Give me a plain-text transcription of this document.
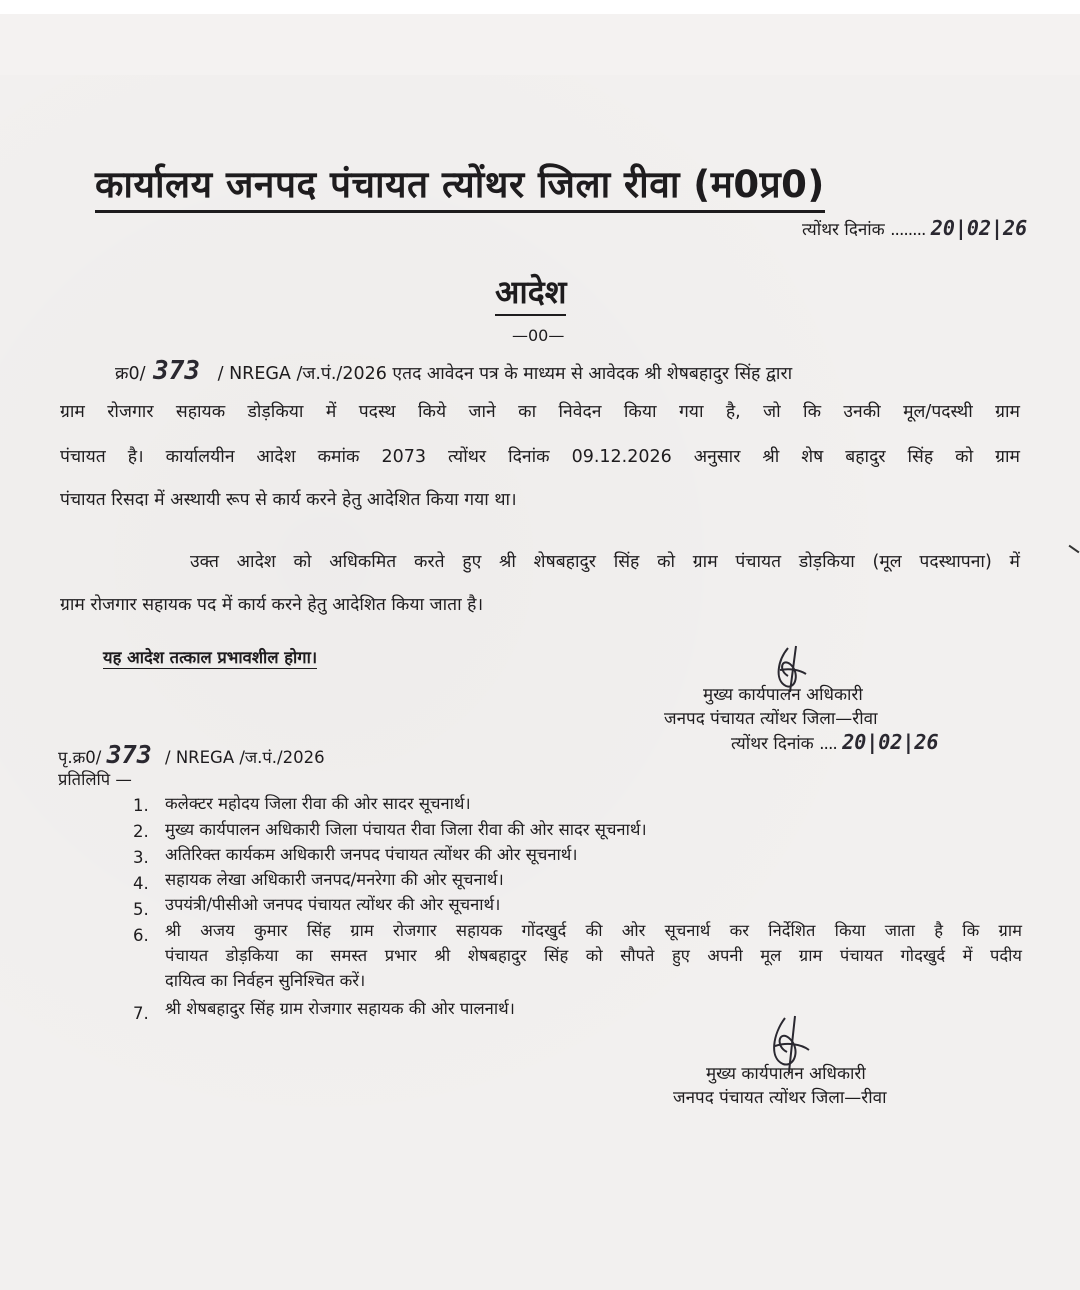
कार्यालय जनपद पंचायत त्योंथर जिला रीवा (म0प्र0)
त्योंथर दिनांक ........ 20|02|26
आदेश
—00—
क्र0/ 373 / NREGA /ज.पं./2026 एतद आवेदन पत्र के माध्यम से आवेदक श्री शेषबहादुर सिंह द्वारा
ग्राम रोजगार सहायक डोड़किया में पदस्थ किये जाने का निवेदन किया गया है, जो कि उनकी मूल/पदस्थी ग्राम
पंचायत है। कार्यालयीन आदेश कमांक 2073 त्योंथर दिनांक 09.12.2026 अनुसार श्री शेष बहादुर सिंह को ग्राम
पंचायत रिसदा में अस्थायी रूप से कार्य करने हेतु आदेशित किया गया था।
उक्त आदेश को अधिकमित करते हुए श्री शेषबहादुर सिंह को ग्राम पंचायत डोड़किया (मूल पदस्थापना) में
ग्राम रोजगार सहायक पद में कार्य करने हेतु आदेशित किया जाता है।
यह आदेश तत्काल प्रभावशील होगा।
मुख्य कार्यपालन अधिकारी
जनपद पंचायत त्योंथर जिला—रीवा
त्योंथर दिनांक .... 20|02|26
पृ.क्र0/ 373 / NREGA /ज.पं./2026
प्रतिलिपि —
1. कलेक्टर महोदय जिला रीवा की ओर सादर सूचनार्थ।
2. मुख्य कार्यपालन अधिकारी जिला पंचायत रीवा जिला रीवा की ओर सादर सूचनार्थ।
3. अतिरिक्त कार्यकम अधिकारी जनपद पंचायत त्योंथर की ओर सूचनार्थ।
4. सहायक लेखा अधिकारी जनपद/मनरेगा की ओर सूचनार्थ।
5. उपयंत्री/पीसीओ जनपद पंचायत त्योंथर की ओर सूचनार्थ।
6. श्री अजय कुमार सिंह ग्राम रोजगार सहायक गोंदखुर्द की ओर सूचनार्थ कर निर्देशित किया जाता है कि ग्राम
पंचायत डोड़किया का समस्त प्रभार श्री शेषबहादुर सिंह को सौपते हुए अपनी मूल ग्राम पंचायत गोदखुर्द में पदीय
दायित्व का निर्वहन सुनिश्चित करें।
7. श्री शेषबहादुर सिंह ग्राम रोजगार सहायक की ओर पालनार्थ।
मुख्य कार्यपालन अधिकारी
जनपद पंचायत त्योंथर जिला—रीवा
